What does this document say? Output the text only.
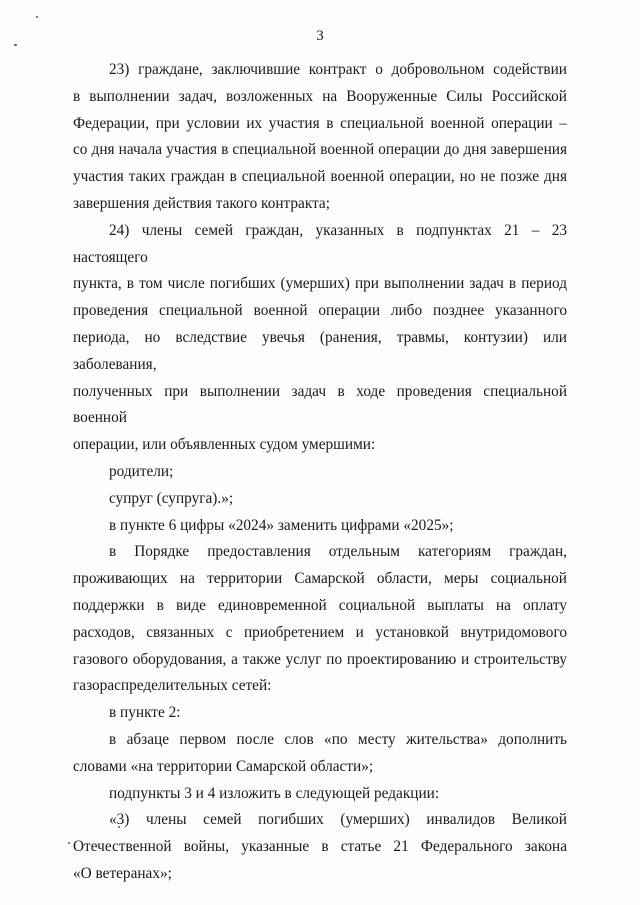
3
23) граждане, заключившие контракт о добровольном содействии
в выполнении задач, возложенных на Вооруженные Силы Российской
Федерации, при условии их участия в специальной военной операции –
со дня начала участия в специальной военной операции до дня завершения
участия таких граждан в специальной военной операции, но не позже дня
завершения действия такого контракта;
24) члены семей граждан, указанных в подпунктах 21 – 23 настоящего
пункта, в том числе погибших (умерших) при выполнении задач в период
проведения специальной военной операции либо позднее указанного
периода, но вследствие увечья (ранения, травмы, контузии) или заболевания,
полученных при выполнении задач в ходе проведения специальной военной
операции, или объявленных судом умершими:
родители;
супруг (супруга).»;
в пункте 6 цифры «2024» заменить цифрами «2025»;
в Порядке предоставления отдельным категориям граждан,
проживающих на территории Самарской области, меры социальной
поддержки в виде единовременной социальной выплаты на оплату
расходов, связанных с приобретением и установкой внутридомового
газового оборудования, а также услуг по проектированию и строительству
газораспределительных сетей:
в пункте 2:
в абзаце первом после слов «по месту жительства» дополнить
словами «на территории Самарской области»;
подпункты 3 и 4 изложить в следующей редакции:
«3) члены семей погибших (умерших) инвалидов Великой
Отечественной войны, указанные в статье 21 Федерального закона
«О ветеранах»;
